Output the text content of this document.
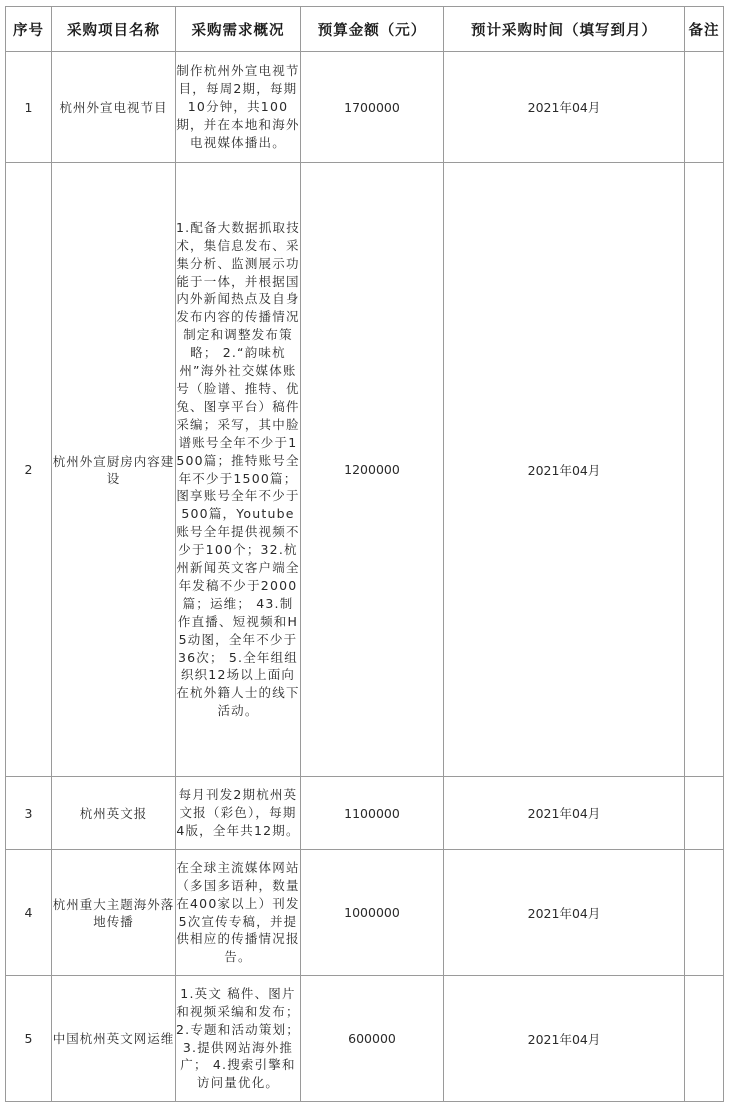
序号	采购项目名称	采购需求概况	预算金额（元）	预计采购时间（填写到月）	备注
1	杭州外宣电视节目	制作杭州外宣电视节目，每周2期，每期10分钟，共100期，并在本地和海外电视媒体播出。	1700000	2021年04月	
2	杭州外宣厨房内容建设	1.配备大数据抓取技术，集信息发布、采集分析、监测展示功能于一体，并根据国内外新闻热点及自身发布内容的传播情况制定和调整发布策略； 2.“韵味杭州”海外社交媒体账号（脸谱、推特、优兔、图享平台）稿件采编；采写，其中脸谱账号全年不少于1500篇；推特账号全年不少于1500篇；图享账号全年不少于500篇，Youtube账号全年提供视频不少于100个；32.杭州新闻英文客户端全年发稿不少于2000篇；运维； 43.制作直播、短视频和H5动图，全年不少于36次； 5.全年组组织织12场以上面向在杭外籍人士的线下活动。	1200000	2021年04月	
3	杭州英文报	每月刊发2期杭州英文报（彩色），每期4版，全年共12期。	1100000	2021年04月	
4	杭州重大主题海外落地传播	在全球主流媒体网站（多国多语种，数量在400家以上）刊发5次宣传专稿，并提供相应的传播情况报告。	1000000	2021年04月	
5	中国杭州英文网运维	1.英文 稿件、图片和视频采编和发布； 2.专题和活动策划； 3.提供网站海外推广； 4.搜索引擎和访问量优化。	600000	2021年04月	
